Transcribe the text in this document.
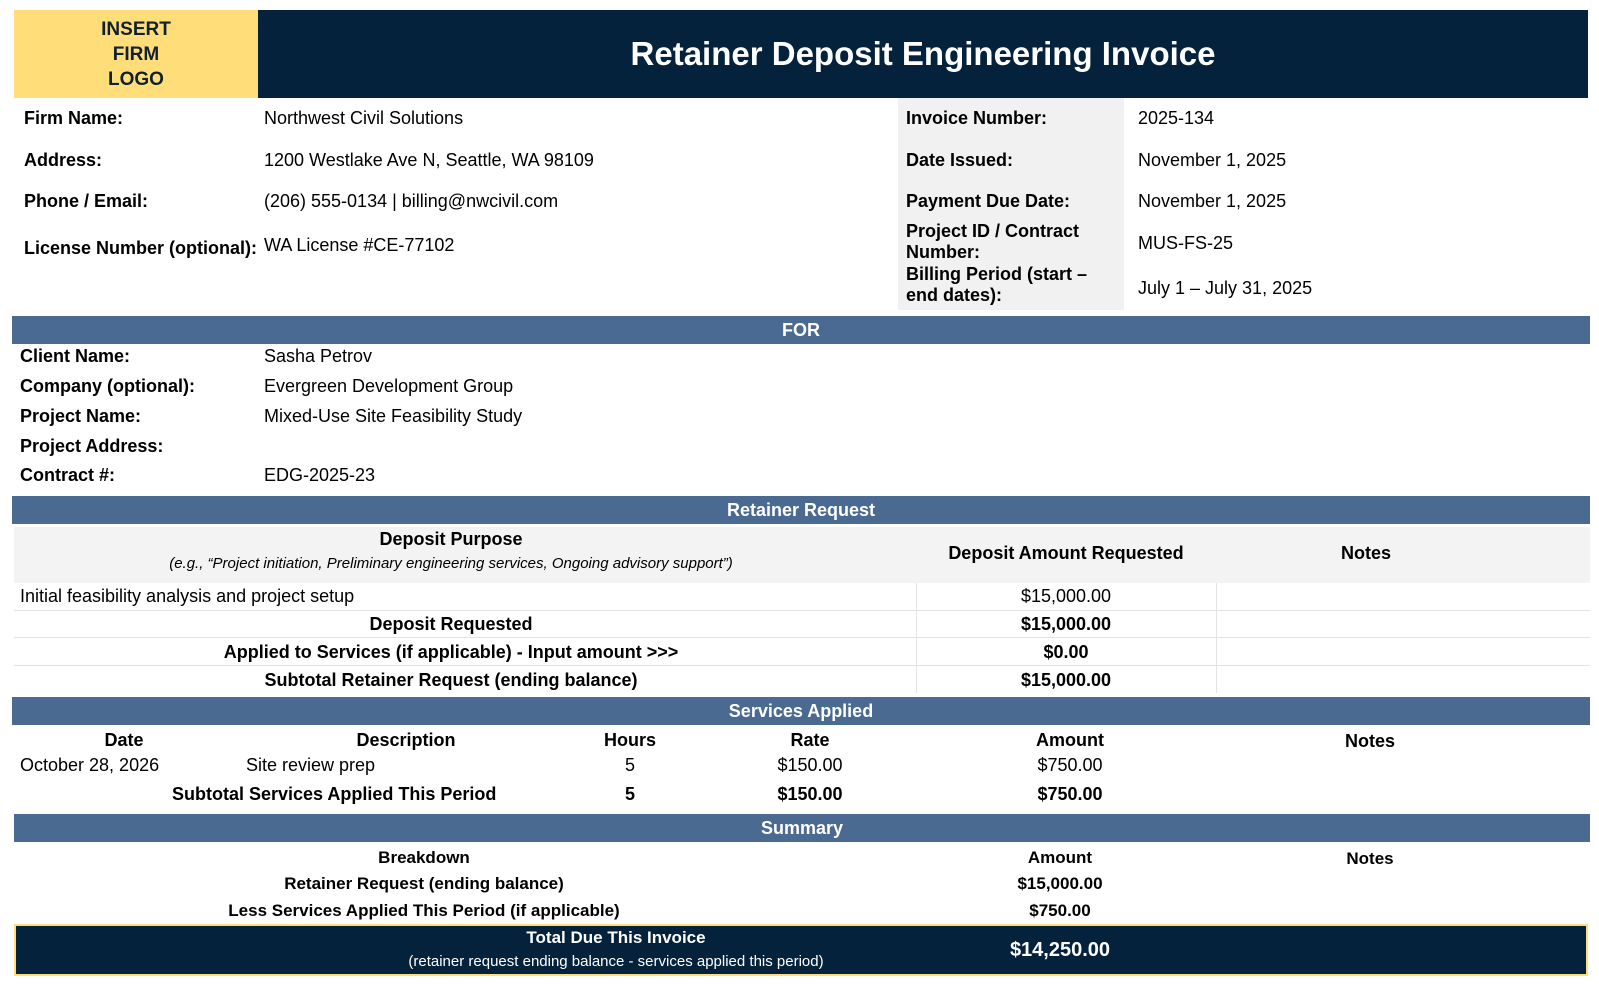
INSERT
FIRM
LOGO
Retainer Deposit Engineering Invoice
Firm Name:	Northwest Civil Solutions
Address:	1200 Westlake Ave N, Seattle, WA 98109
Phone / Email:	(206) 555-0134 | billing@nwcivil.com
License Number (optional): WA License #CE-77102
Invoice Number:	2025-134
Date Issued:	November 1, 2025
Payment Due Date:	November 1, 2025
Project ID / Contract
Number:	MUS-FS-25
Billing Period (start –
end dates):	July 1 – July 31, 2025
FOR
Client Name:	Sasha Petrov
Company (optional):	Evergreen Development Group
Project Name:	Mixed-Use Site Feasibility Study
Project Address:
Contract #:	EDG-2025-23
Retainer Request
Deposit Purpose
(e.g., “Project initiation, Preliminary engineering services, Ongoing advisory support”)
Deposit Amount Requested	Notes
Initial feasibility analysis and project setup	$15,000.00
Deposit Requested	$15,000.00
Applied to Services (if applicable) - Input amount >>>	$0.00
Subtotal Retainer Request (ending balance)	$15,000.00
Services Applied
Date	Description	Hours	Rate	Amount	Notes
October 28, 2026	Site review prep	5	$150.00	$750.00
Subtotal Services Applied This Period	5	$150.00	$750.00
Summary
Breakdown	Amount	Notes
Retainer Request (ending balance)	$15,000.00
Less Services Applied This Period (if applicable)	$750.00
Total Due This Invoice
(retainer request ending balance - services applied this period)
$14,250.00
